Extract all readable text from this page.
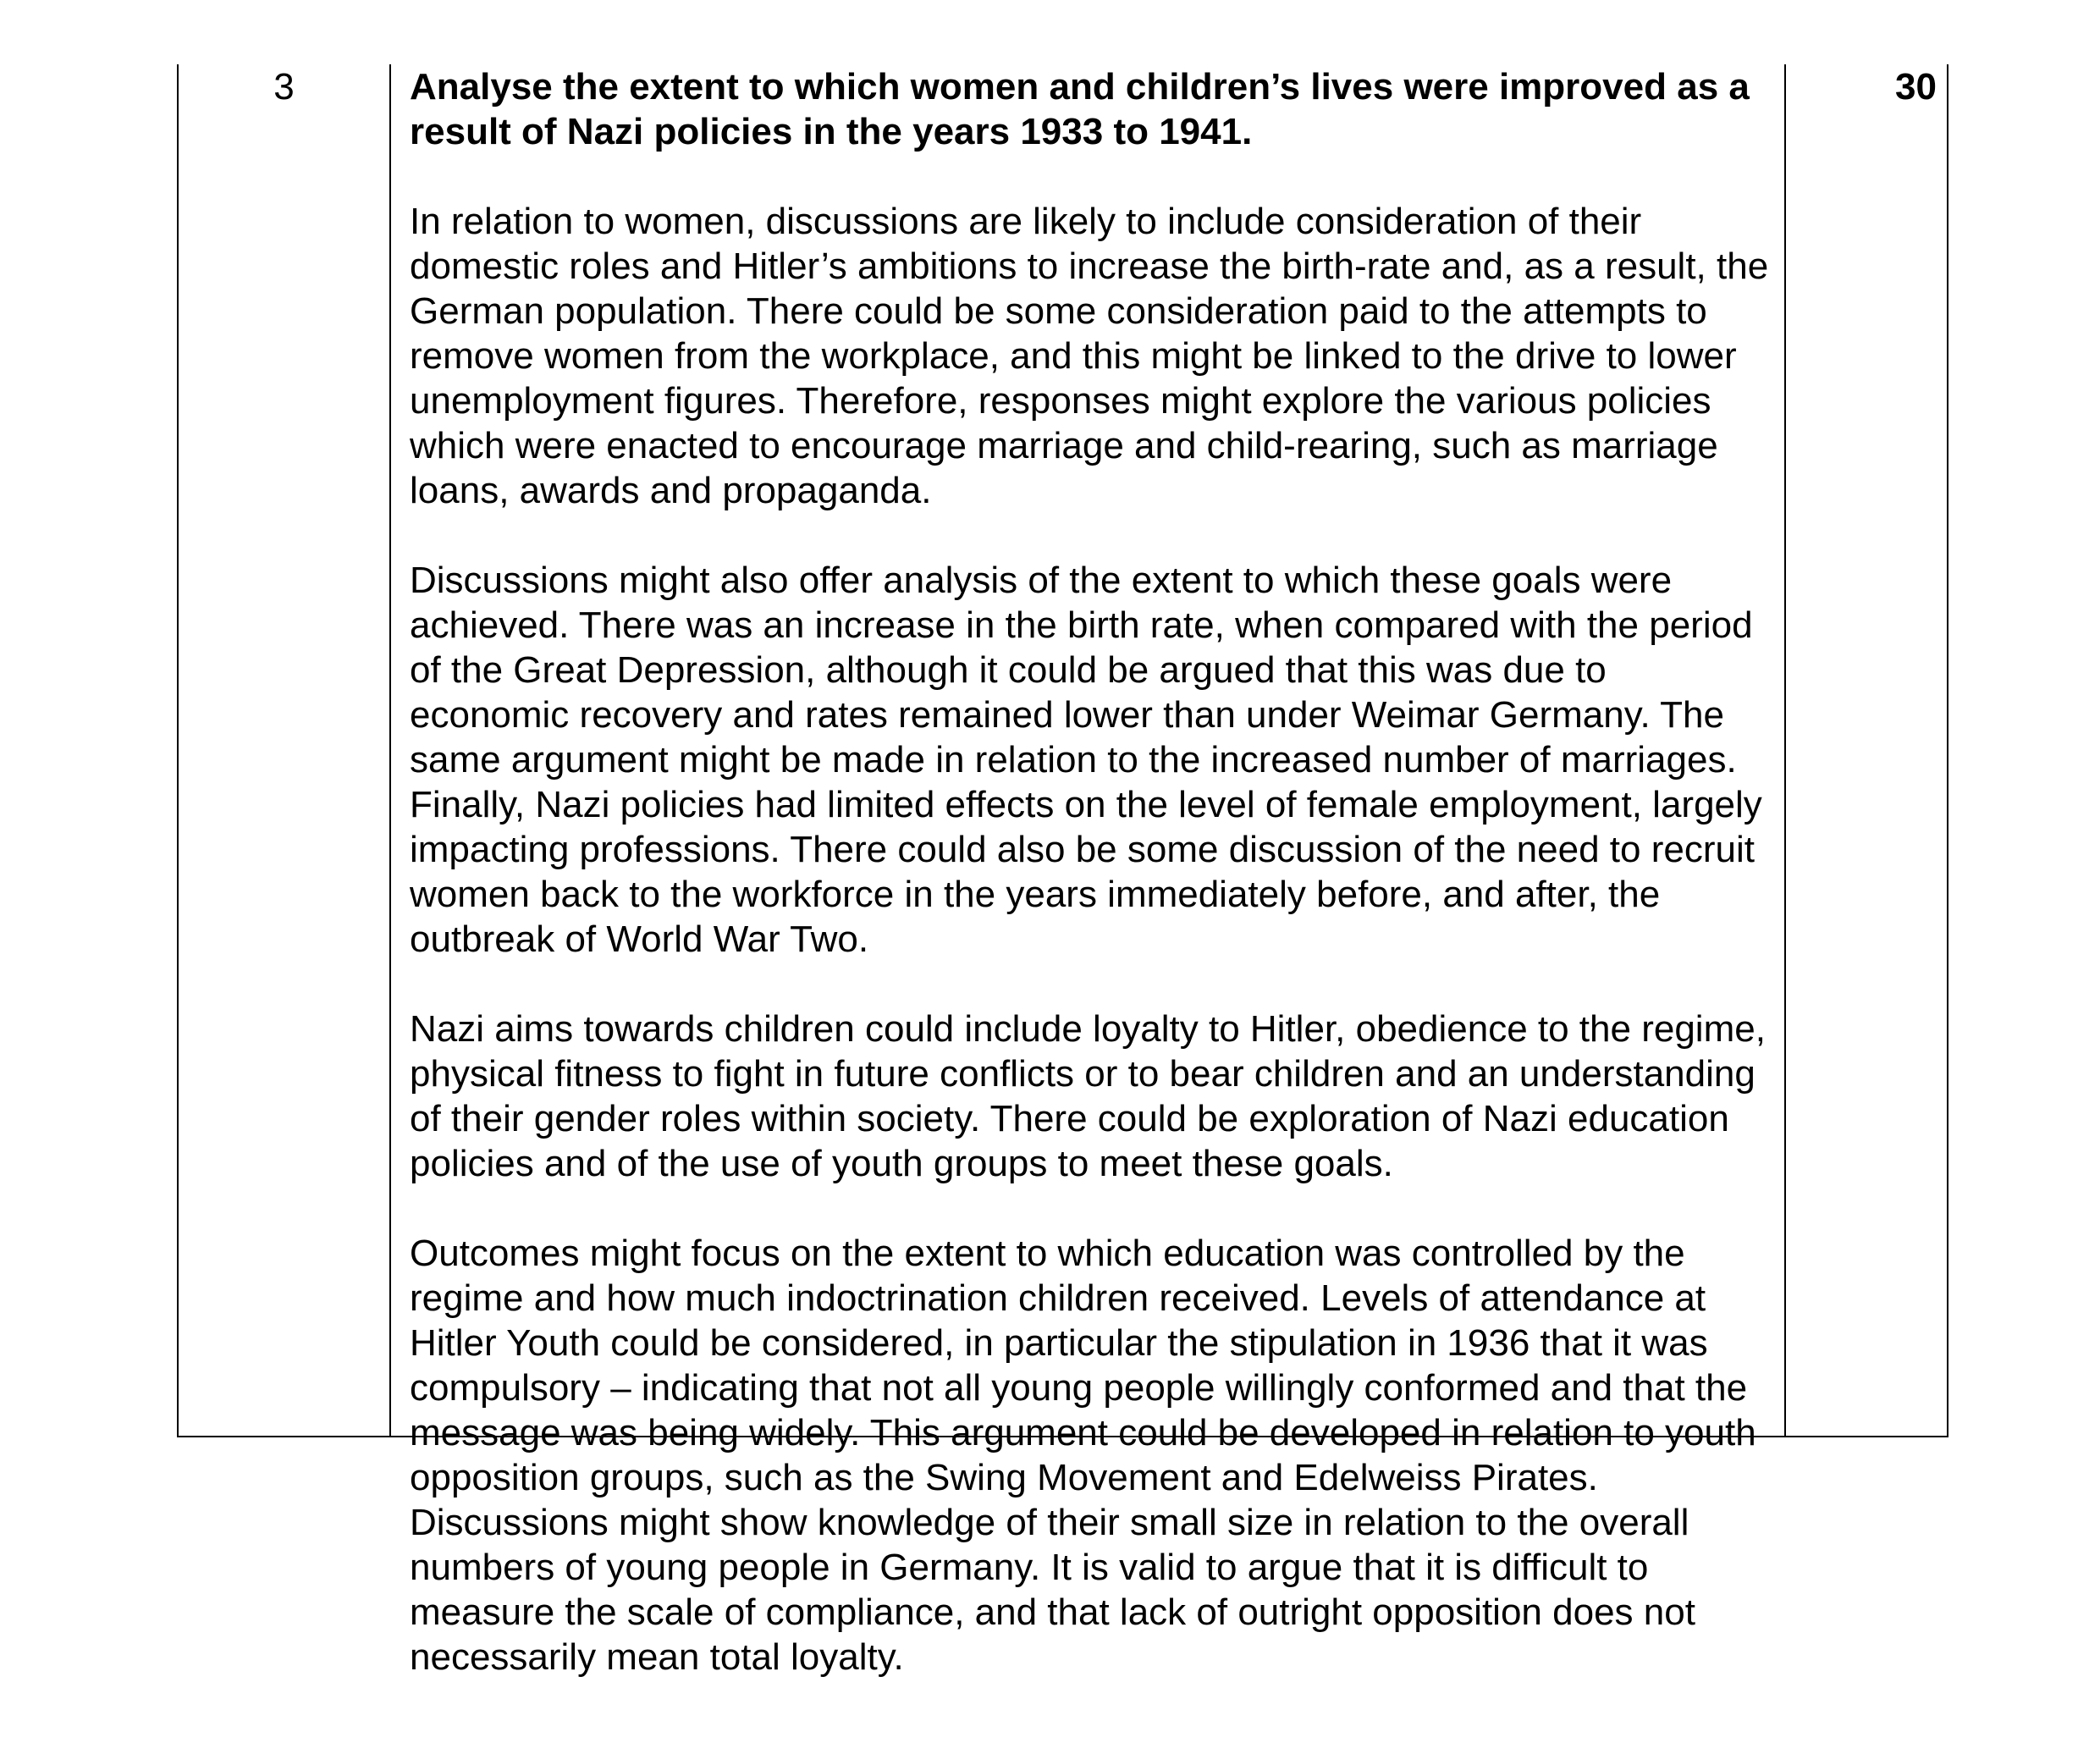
3	Analyse the extent to which women and children’s lives were improved as a result of Nazi policies in the years 1933 to 1941.

In relation to women, discussions are likely to include consideration of their domestic roles and Hitler’s ambitions to increase the birth-rate and, as a result, the German population. There could be some consideration paid to the attempts to remove women from the workplace, and this might be linked to the drive to lower unemployment figures. Therefore, responses might explore the various policies which were enacted to encourage marriage and child-rearing, such as marriage loans, awards and propaganda.

Discussions might also offer analysis of the extent to which these goals were achieved. There was an increase in the birth rate, when compared with the period of the Great Depression, although it could be argued that this was due to economic recovery and rates remained lower than under Weimar Germany. The same argument might be made in relation to the increased number of marriages. Finally, Nazi policies had limited effects on the level of female employment, largely impacting professions. There could also be some discussion of the need to recruit women back to the workforce in the years immediately before, and after, the outbreak of World War Two.

Nazi aims towards children could include loyalty to Hitler, obedience to the regime, physical fitness to fight in future conflicts or to bear children and an understanding of their gender roles within society. There could be exploration of Nazi education policies and of the use of youth groups to meet these goals.

Outcomes might focus on the extent to which education was controlled by the regime and how much indoctrination children received. Levels of attendance at Hitler Youth could be considered, in particular the stipulation in 1936 that it was compulsory – indicating that not all young people willingly conformed and that the message was being widely. This argument could be developed in relation to youth opposition groups, such as the Swing Movement and Edelweiss Pirates. Discussions might show knowledge of their small size in relation to the overall numbers of young people in Germany. It is valid to argue that it is difficult to measure the scale of compliance, and that lack of outright opposition does not necessarily mean total loyalty.

30
